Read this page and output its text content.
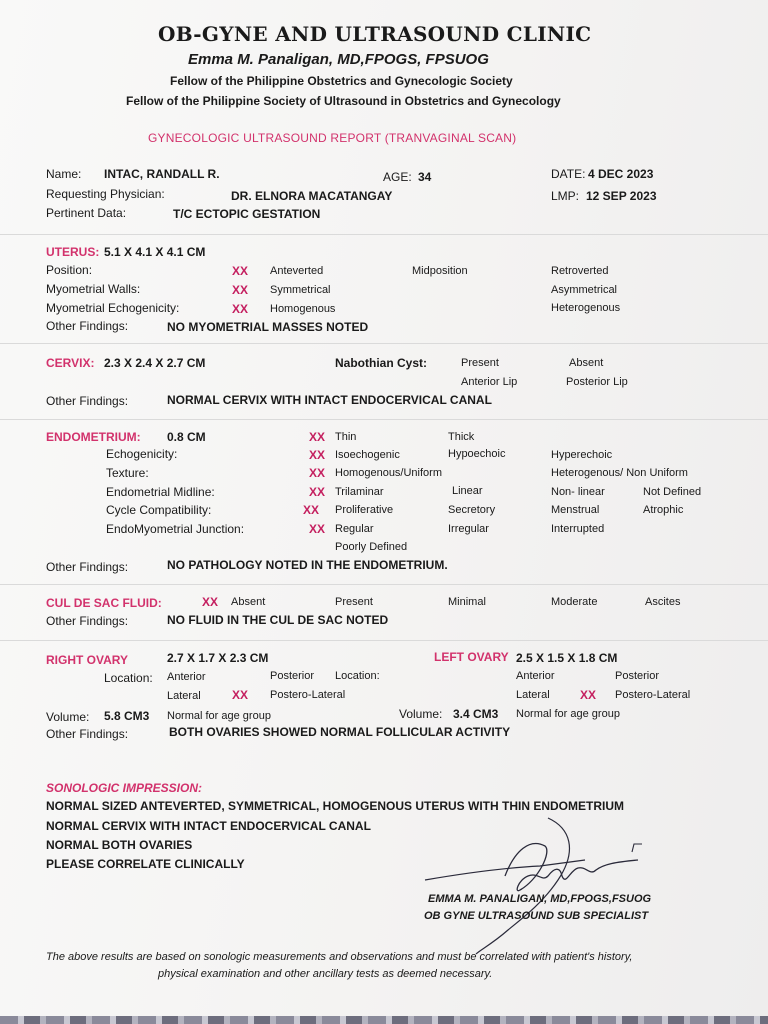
OB-GYNE AND ULTRASOUND CLINIC
Emma M. Panaligan, MD,FPOGS, FPSUOG
Fellow of the Philippine Obstetrics and Gynecologic Society
Fellow of the Philippine Society of Ultrasound in Obstetrics and Gynecology
GYNECOLOGIC ULTRASOUND REPORT (TRANVAGINAL SCAN)
Name: INTAC, RANDALL R.	AGE: 34	DATE: 4 DEC 2023
Requesting Physician:	DR. ELNORA MACATANGAY	LMP: 12 SEP 2023
Pertinent Data:	T/C ECTOPIC GESTATION
UTERUS: 5.1 X 4.1 X 4.1 CM
Position:	XX Anteverted	Midposition	Retroverted
Myometrial Walls:	XX Symmetrical	Asymmetrical
Myometrial Echogenicity:	XX Homogenous	Heterogenous
Other Findings:	NO MYOMETRIAL MASSES NOTED
CERVIX: 2.3 X 2.4 X 2.7 CM	Nabothian Cyst:	Present	Absent
Anterior Lip	Posterior Lip
Other Findings:	NORMAL CERVIX WITH INTACT ENDOCERVICAL CANAL
ENDOMETRIUM: 0.8 CM	XX Thin	Thick
Echogenicity:	XX Isoechogenic	Hypoechoic	Hyperechoic
Texture:	XX Homogenous/Uniform	Heterogenous/ Non Uniform
Endometrial Midline:	XX Trilaminar	Linear	Non- linear	Not Defined
Cycle Compatibility:	XX Proliferative	Secretory	Menstrual	Atrophic
EndoMyometrial Junction:	XX Regular	Irregular	Interrupted
Poorly Defined
Other Findings:	NO PATHOLOGY NOTED IN THE ENDOMETRIUM.
CUL DE SAC FLUID:	XX Absent	Present	Minimal	Moderate	Ascites
Other Findings:	NO FLUID IN THE CUL DE SAC NOTED
RIGHT OVARY	2.7 X 1.7 X 2.3 CM	LEFT OVARY 2.5 X 1.5 X 1.8 CM
Location: Anterior	Posterior Location:	Anterior	Posterior
Lateral	XX Postero-Lateral	Lateral	XX Postero-Lateral
Volume: 5.8 CM3 Normal for age group	Volume: 3.4 CM3 Normal for age group
Other Findings:	BOTH OVARIES SHOWED NORMAL FOLLICULAR ACTIVITY
SONOLOGIC IMPRESSION:
NORMAL SIZED ANTEVERTED, SYMMETRICAL, HOMOGENOUS UTERUS WITH THIN ENDOMETRIUM
NORMAL CERVIX WITH INTACT ENDOCERVICAL CANAL
NORMAL BOTH OVARIES
PLEASE CORRELATE CLINICALLY
EMMA M. PANALIGAN, MD,FPOGS,FSUOG
OB GYNE ULTRASOUND SUB SPECIALIST
The above results are based on sonologic measurements and observations and must be correlated with patient's history,
physical examination and other ancillary tests as deemed necessary.
